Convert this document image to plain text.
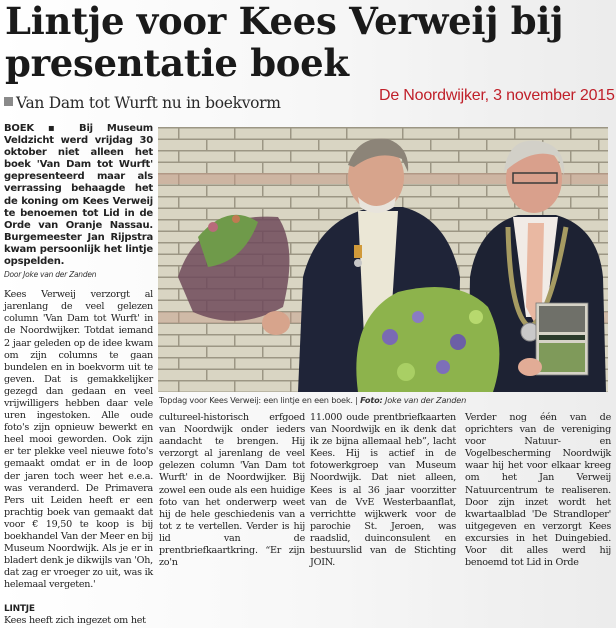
Lintje voor Kees Verweij bij presentatie boek
Van Dam tot Wurft nu in boekvorm	De Noordwijker, 3 november 2015

BOEK ▪ Bij Museum Veldzicht werd vrijdag 30 oktober niet alleen het boek 'Van Dam tot Wurft' gepresenteerd maar als verrassing behaagde het de koning om Kees Verweij te benoemen tot Lid in de Orde van Oranje Nassau. Burgemeester Jan Rijpstra kwam persoonlijk het lintje opspelden.

Door Joke van der Zanden

Kees Verweij verzorgt al jarenlang de veel gelezen column 'Van Dam tot Wurft' in de Noordwijker. Totdat iemand 2 jaar geleden op de idee kwam om zijn columns te gaan bundelen en in boekvorm uit te geven. Dat is gemakkelijker gezegd dan gedaan en veel vrijwilligers hebben daar vele uren ingestoken. Alle oude foto's zijn opnieuw bewerkt en heel mooi geworden. Ook zijn er ter plekke veel nieuwe foto's gemaakt omdat er in de loop der jaren toch weer het e.e.a. was veranderd. De Primavera Pers uit Leiden heeft er een prachtig boek van gemaakt dat voor € 19,50 te koop is bij boekhandel Van der Meer en bij Museum Noordwijk. Als je er in bladert denk je dikwijls van 'Oh, dat zag er vroeger zo uit, was ik helemaal vergeten.'

LINTJE

Kees heeft zich ingezet om het

Topdag voor Kees Verweij: een lintje en een boek. | Foto: Joke van der Zanden

cultureel-historisch erfgoed van Noordwijk onder ieders aandacht te brengen. Hij verzorgt al jarenlang de veel gelezen column 'Van Dam tot Wurft' in de Noordwijker. Bij zowel een oude als een huidige foto van het onderwerp weet hij de hele geschiedenis van a tot z te vertellen. Verder is hij lid van de prentbriefkaartkring. “Er zijn zo'n

11.000 oude prentbriefkaarten van Noordwijk en ik denk dat ik ze bijna allemaal heb”, lacht Kees. Hij is actief in de fotowerkgroep van Museum Noordwijk. Dat niet alleen, Kees is al 36 jaar voorzitter van de VvE Westerbaanflat, verrichtte wijkwerk voor de parochie St. Jeroen, was raadslid, duinconsulent en bestuurslid van de Stichting JOIN.

Verder nog één van de oprichters van de vereniging voor Natuur- en Vogelbescherming Noordwijk waar hij het voor elkaar kreeg om het Jan Verweij Natuurcentrum te realiseren. Door zijn inzet wordt het kwartaalblad 'De Strandloper' uitgegeven en verzorgt Kees excursies in het Duingebied. Voor dit alles werd hij benoemd tot Lid in Orde
